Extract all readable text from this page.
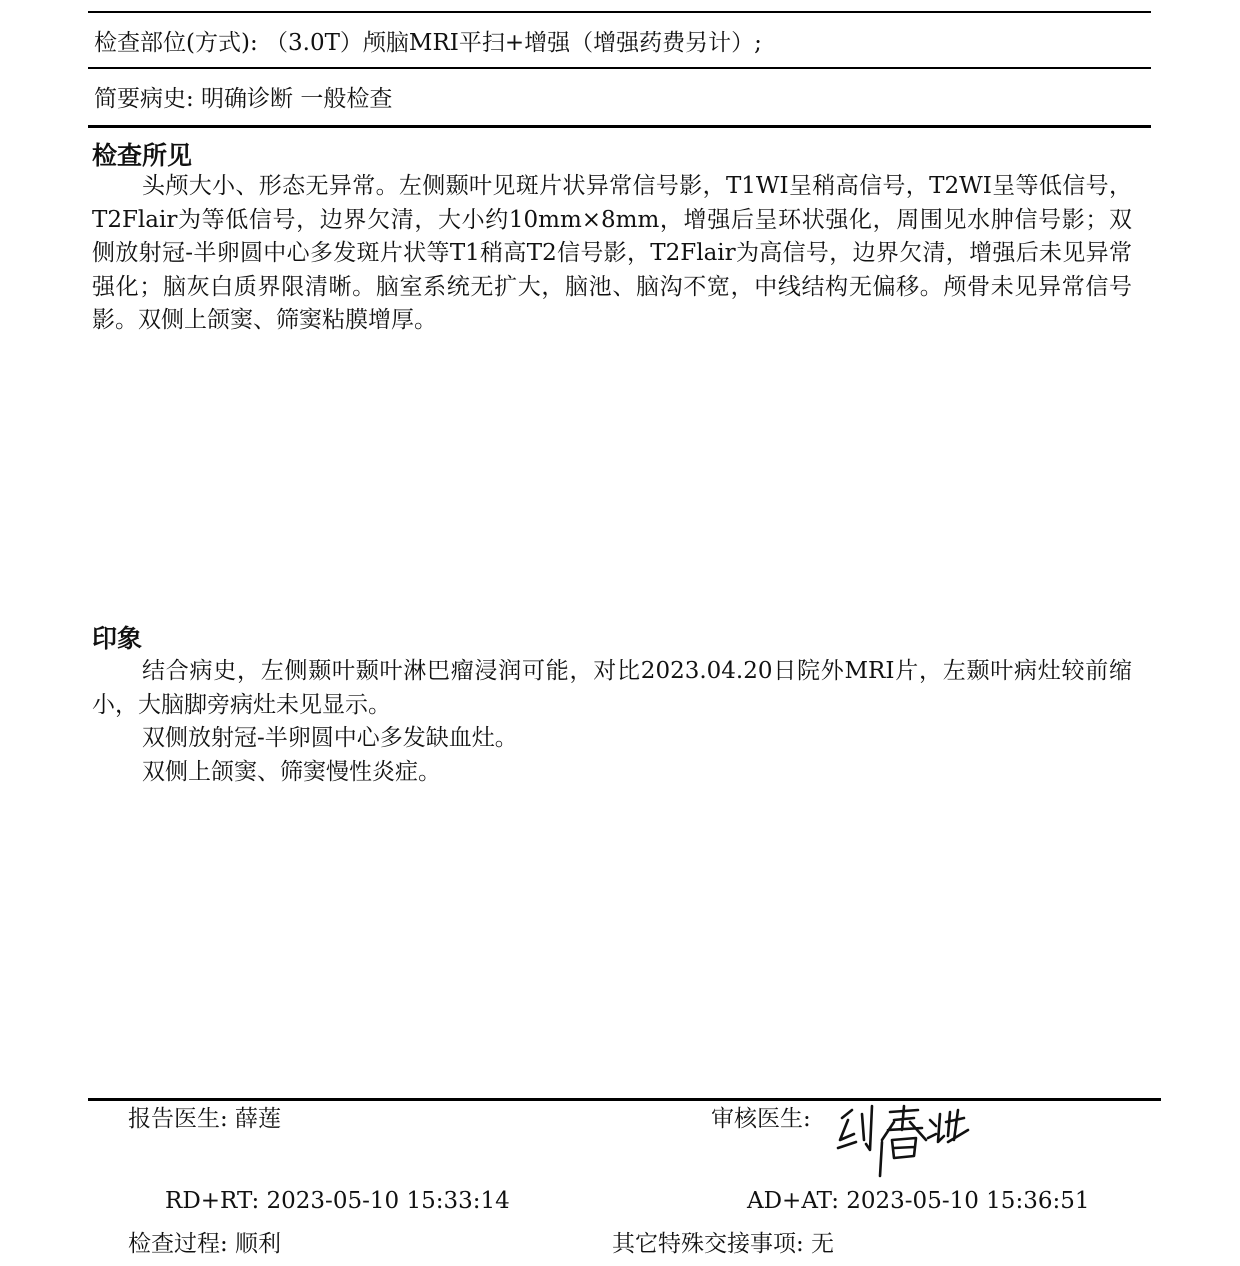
检查部位(方式): （3.0T）颅脑MRI平扫+增强（增强药费另计）;
简要病史: 明确诊断 一般检查
检查所见

头颅大小、形态无异常。左侧颞叶见斑片状异常信号影，T1WI呈稍高信号，T2WI呈等低信号，T2Flair为等低信号，边界欠清，大小约10mm×8mm，增强后呈环状强化，周围见水肿信号影；双侧放射冠-半卵圆中心多发斑片状等T1稍高T2信号影，T2Flair为高信号，边界欠清，增强后未见异常强化；脑灰白质界限清晰。脑室系统无扩大，脑池、脑沟不宽，中线结构无偏移。颅骨未见异常信号影。双侧上颌窦、筛窦粘膜增厚。

印象

结合病史，左侧颞叶颞叶淋巴瘤浸润可能，对比2023.04.20日院外MRI片，左颞叶病灶较前缩小，大脑脚旁病灶未见显示。

双侧放射冠-半卵圆中心多发缺血灶。

双侧上颌窦、筛窦慢性炎症。

报告医生: 薛莲	审核医生:
RD+RT: 2023-05-10 15:33:14	AD+AT: 2023-05-10 15:36:51
检查过程: 顺利	其它特殊交接事项: 无
